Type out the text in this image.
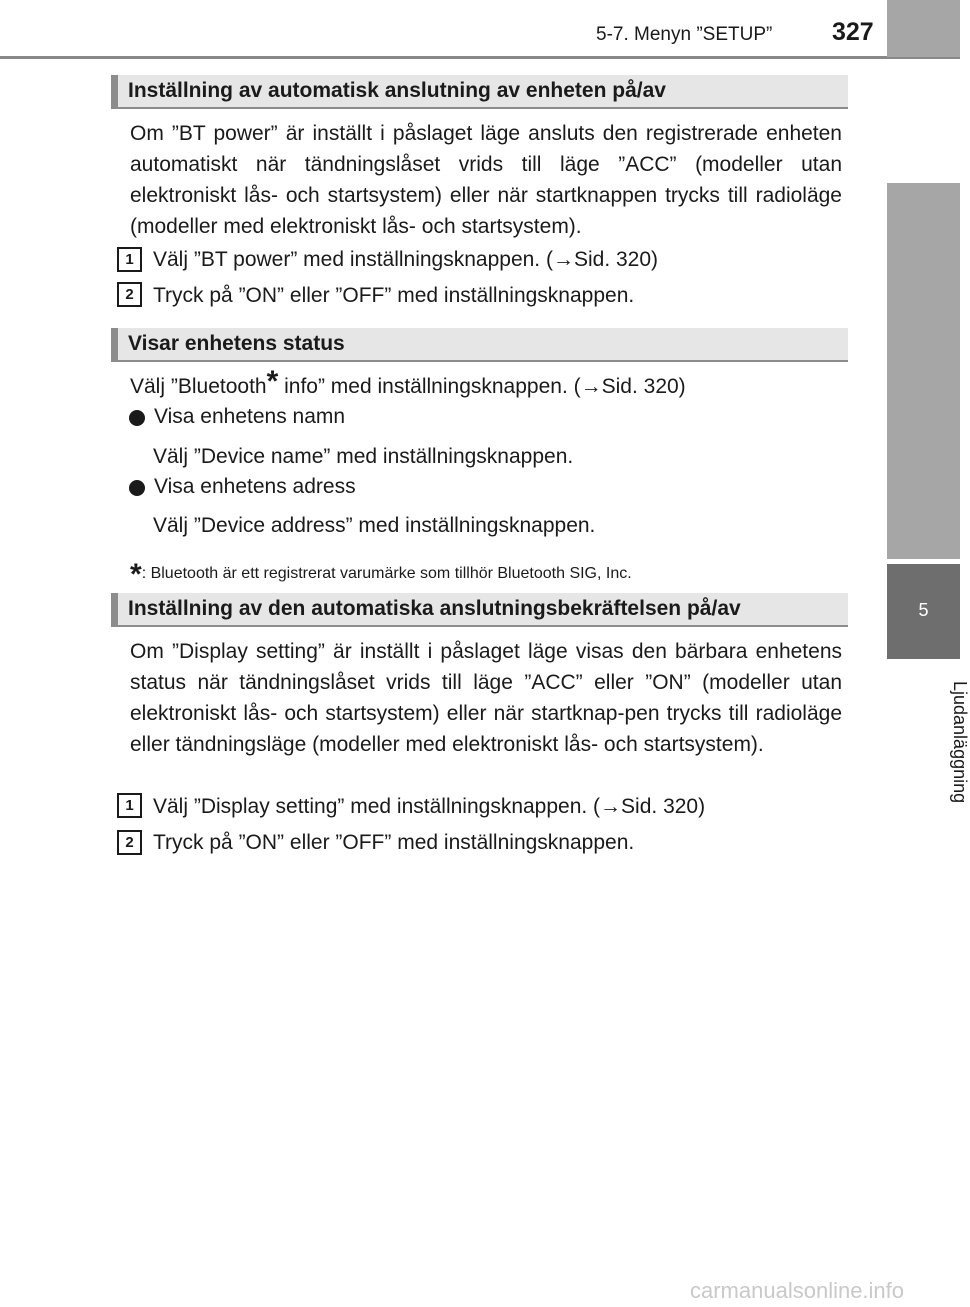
5-7. Menyn ”SETUP” 327
5
Ljudanläggning
Inställning av automatisk anslutning av enheten på/av

Om ”BT power” är inställt i påslaget läge ansluts den registrerade enheten automatiskt när tändningslåset vrids till läge ”ACC” (modeller utan elektroniskt lås- och startsystem) eller när startknappen trycks till radioläge (modeller med elektroniskt lås- och startsystem).

1 Välj ”BT power” med inställningsknappen. (→Sid. 320)
2 Tryck på ”ON” eller ”OFF” med inställningsknappen.
Visar enhetens status
Välj ”Bluetooth* info” med inställningsknappen. (→Sid. 320)
Visa enhetens namn
Välj ”Device name” med inställningsknappen.
Visa enhetens adress
Välj ”Device address” med inställningsknappen.
*: Bluetooth är ett registrerat varumärke som tillhör Bluetooth SIG, Inc.
Inställning av den automatiska anslutningsbekräftelsen på/av

Om ”Display setting” är inställt i påslaget läge visas den bärbara enhetens status när tändningslåset vrids till läge ”ACC” eller ”ON” (modeller utan elektroniskt lås- och startsystem) eller när startknap-pen trycks till radioläge eller tändningsläge (modeller med elektroniskt lås- och startsystem).

1 Välj ”Display setting” med inställningsknappen. (→Sid. 320)
2 Tryck på ”ON” eller ”OFF” med inställningsknappen.
carmanualsonline.info
